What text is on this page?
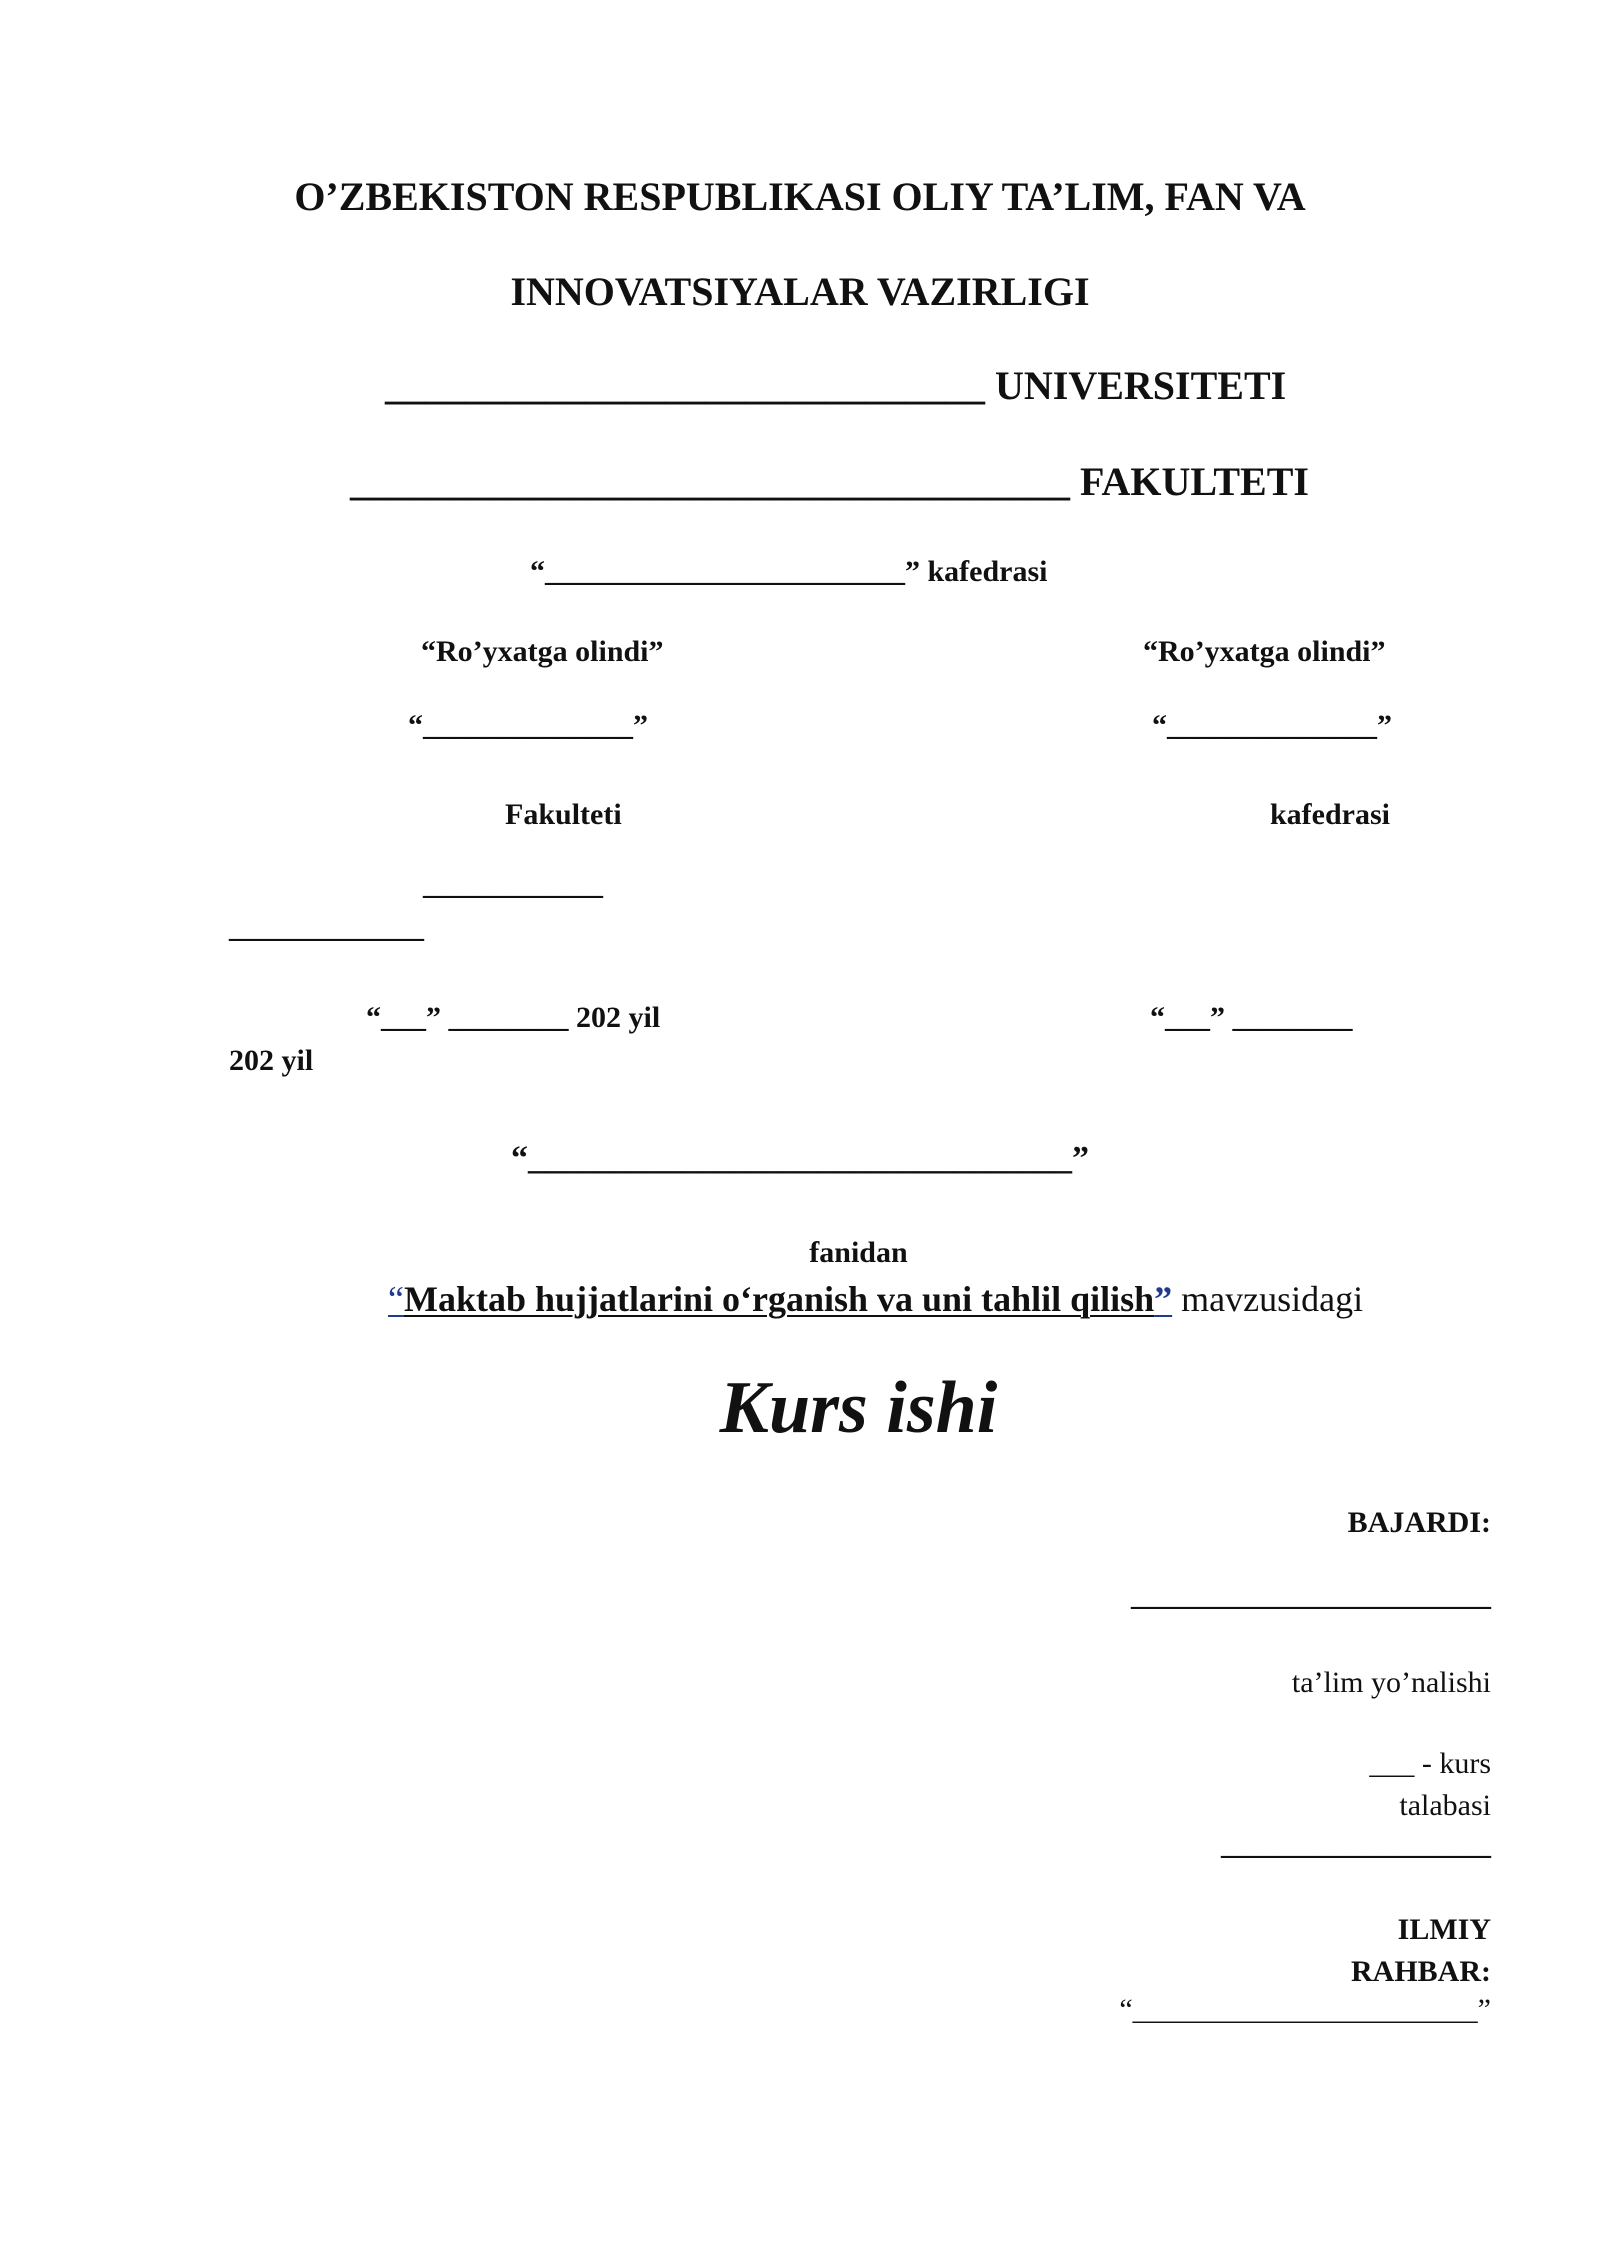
O’ZBEKISTON RESPUBLIKASI OLIY TA’LIM, FAN VA
INNOVATSIYALAR VAZIRLIGI
______________________________ UNIVERSITETI
____________________________________ FAKULTETI
“________________________” kafedrasi
“Ro’yxatga olindi”	“Ro’yxatga olindi”
“______________”	“______________”
Fakulteti	kafedrasi
____________
_____________
“___” ________ 202 yil	“___” ________
202 yil
“________________________________”
fanidan
“Maktab hujjatlarini o‘rganish va uni tahlil qilish” mavzusidagi
Kurs ishi
BAJARDI:
________________________
ta’lim yo’nalishi
___ - kurs
talabasi
__________________
ILMIY
RAHBAR:
“_______________________”
